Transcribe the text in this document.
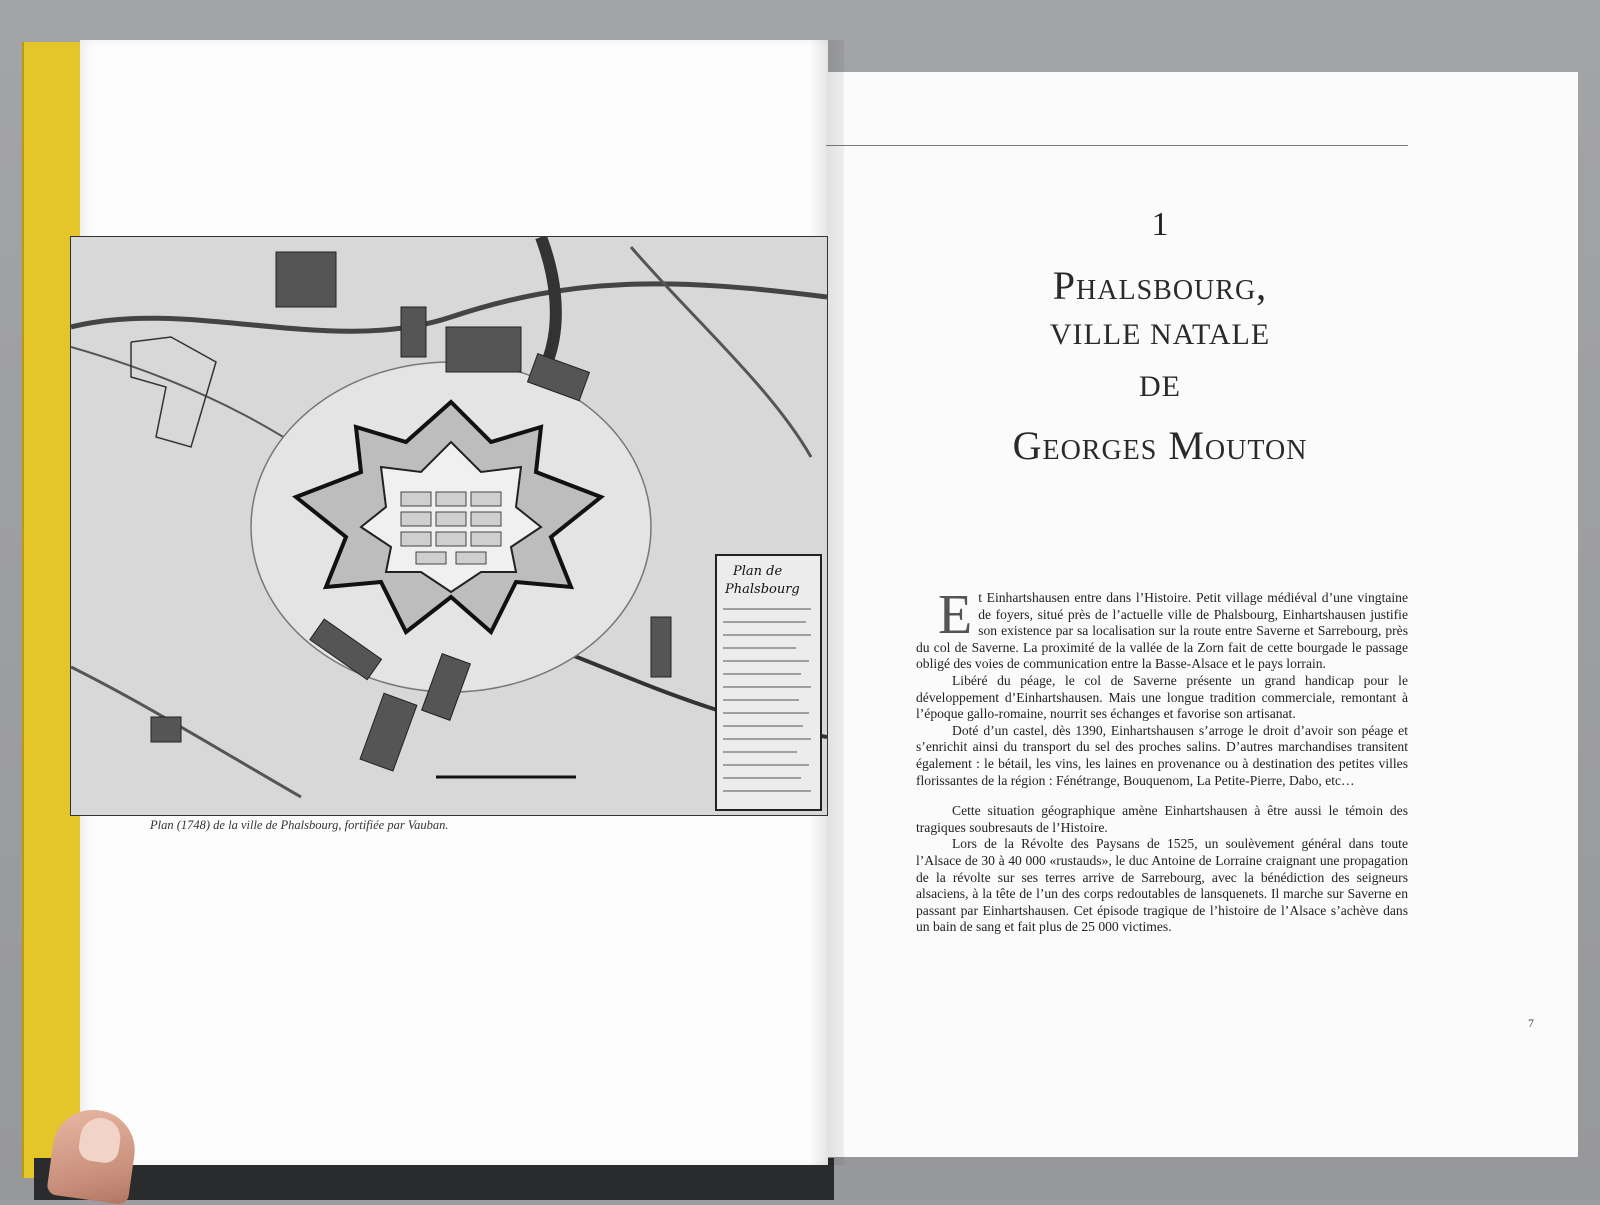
Plan de
Phalsbourg
Plan (1748) de la ville de Phalsbourg, fortifiée par Vauban.
1
Phalsbourg,
VILLE NATALE
DE
Georges Mouton

Et Einhartshausen entre dans l’Histoire. Petit village médiéval d’une vingtaine de foyers, situé près de l’actuelle ville de Phalsbourg, Einhartshausen justifie son existence par sa localisation sur la route entre Saverne et Sarrebourg, près du col de Saverne. La proximité de la vallée de la Zorn fait de cette bourgade le passage obligé des voies de communication entre la Basse-Alsace et le pays lorrain.

Libéré du péage, le col de Saverne présente un grand handicap pour le développement d’Einhartshausen. Mais une longue tradition commerciale, remontant à l’époque gallo-romaine, nourrit ses échanges et favorise son artisanat.

Doté d’un castel, dès 1390, Einhartshausen s’arroge le droit d’avoir son péage et s’enrichit ainsi du transport du sel des proches salins. D’autres marchandises transitent également : le bétail, les vins, les laines en provenance ou à destination des petites villes florissantes de la région : Fénétrange, Bouquenom, La Petite-Pierre, Dabo, etc…

Cette situation géographique amène Einhartshausen à être aussi le témoin des tragiques soubresauts de l’Histoire.

Lors de la Révolte des Paysans de 1525, un soulèvement général dans toute l’Alsace de 30 à 40 000 «rustauds», le duc Antoine de Lorraine craignant une propagation de la révolte sur ses terres arrive de Sarrebourg, avec la bénédiction des seigneurs alsaciens, à la tête de l’un des corps redoutables de lansquenets. Il marche sur Saverne en passant par Einhartshausen. Cet épisode tragique de l’histoire de l’Alsace s’achève dans un bain de sang et fait plus de 25 000 victimes.

7
